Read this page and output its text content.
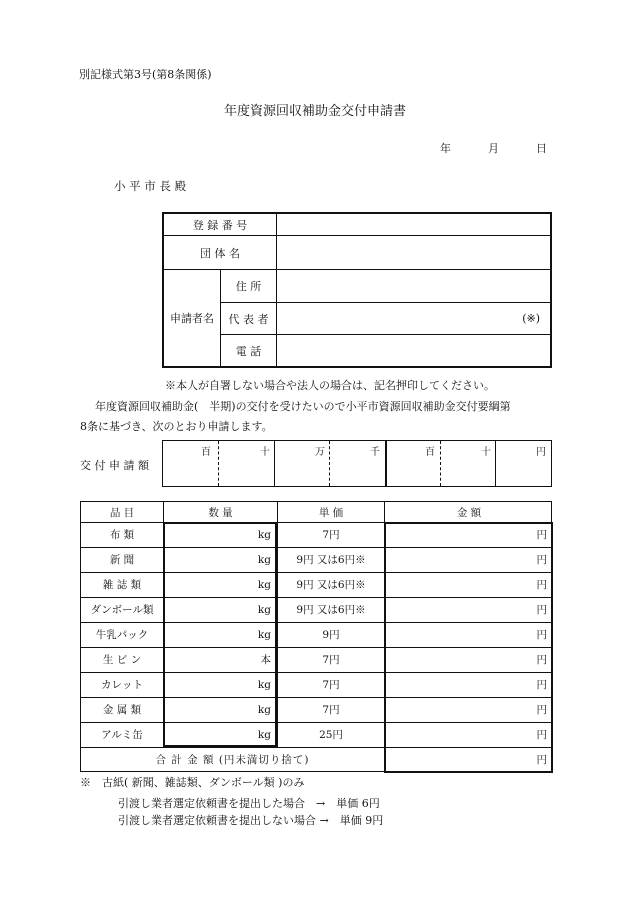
別記様式第3号(第8条関係)
年度資源回収補助金交付申請書
年	月	日
小 平 市 長 殿
登 録 番 号
団 体 名
申請者名
住 所
代 表 者	(※)
電 話
※本人が自署しない場合や法人の場合は、記名押印してください。
年度資源回収補助金(　半期)の交付を受けたいので小平市資源回収補助金交付要綱第
8条に基づき、次のとおり申請します。
交 付 申 請 額
百	十	万	千	百	十	円
品 目	数 量	単 価	金 額
布 類	kg	7円	円
新 聞	kg	9円 又は6円※	円
雑 誌 類	kg	9円 又は6円※	円
ダンボール類	kg	9円 又は6円※	円
牛乳パック	kg	9円	円
生 ビ ン	本	7円	円
カレット	kg	7円	円
金 属 類	kg	7円	円
アルミ缶	kg	25円	円
合 計 金 額 (円未満切り捨て)	円
※　古紙( 新聞、雑誌類、ダンボール類 )のみ
引渡し業者選定依頼書を提出した場合　→　単価 6円
引渡し業者選定依頼書を提出しない場合 →　単価 9円
